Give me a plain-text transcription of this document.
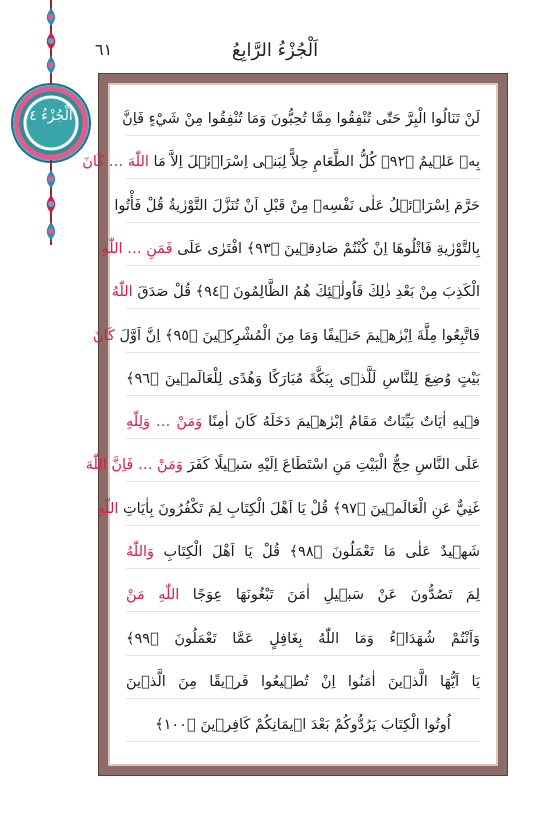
اَلْجُزْءُ ٤
٦١	اَلْجُزْءُ الرَّابِعُ
لَنْ تَنَالُوا الْبِرَّ حَتّٰى تُنْفِقُوا مِمَّا تُحِبُّونَ وَمَا تُنْفِقُوا مِنْ شَيْءٍ فَاِنَّ
بِهٖ عَلٖيمٌ ﴿٩٢﴾ كُلُّ الطَّعَامِ حِلاًّ لِبَنٖى اِسْرَاۤئٖلَ اِلاَّ مَا اللّٰهَ … كَانَ
حَرَّمَ اِسْرَاۤئٖلُ عَلٰى نَفْسِهٖ مِنْ قَبْلِ اَنْ تُنَزَّلَ التَّوْرٰيةُ قُلْ فَأْتُوا
بِالتَّوْرٰيةِ فَاتْلُوهَا اِنْ كُنْتُمْ صَادِقٖينَ ﴿٩٣﴾ افْتَرٰى عَلَى فَمَنِ … اللّٰهِ
الْكَذِبَ مِنْ بَعْدِ ذٰلِكَ فَاُولٰۤئِكَ هُمُ الظَّالِمُونَ ﴿٩٤﴾ قُلْ صَدَقَ اللّٰهُ
فَاتَّبِعُوا مِلَّةَ اِبْرٰهٖيمَ حَنٖيفًا وَمَا مِنَ الْمُشْرِكٖينَ ﴿٩٥﴾ اِنَّ اَوَّلَ كَانَ
بَيْتٍ وُضِعَ لِلنَّاسِ لَلَّذٖى بِبَكَّةَ مُبَارَكًا وَهُدًى لِلْعَالَمٖينَ ﴿٩٦﴾
فٖيهِ اٰيَاتٌ بَيِّنَاتٌ مَقَامُ اِبْرٰهٖيمَ دَخَلَهُ كَانَ اٰمِنًا وَمَنْ … وَلِلّٰهِ
عَلَى النَّاسِ حِجُّ الْبَيْتِ مَنِ اسْتَطَاعَ اِلَيْهِ سَبٖيلًا كَفَرَ وَمَنْ … فَاِنَّ اللّٰهَ
غَنِيٌّ عَنِ الْعَالَمٖينَ ﴿٩٧﴾ قُلْ يَا اَهْلَ الْكِتَابِ لِمَ تَكْفُرُونَ بِاٰيَاتِ اللّٰهِ
شَهٖيدٌ عَلٰى مَا تَعْمَلُونَ ﴿٩٨﴾ قُلْ يَا اَهْلَ الْكِتَابِ وَاللّٰهُ
لِمَ تَصُدُّونَ عَنْ سَبٖيلِ اٰمَنَ تَبْغُونَهَا عِوَجًا اللّٰهِ مَنْ
وَاَنْتُمْ شُهَدَاۤءُ وَمَا اللّٰهُ بِغَافِلٍ عَمَّا تَعْمَلُونَ ﴿٩٩﴾
يَا اَيُّهَا الَّذٖينَ اٰمَنُوا اِنْ تُطٖيعُوا فَرٖيقًا مِنَ الَّذٖينَ
اُوتُوا الْكِتَابَ يَرُدُّوكُمْ بَعْدَ اٖيمَانِكُمْ كَافِرٖينَ ﴿١٠٠﴾
